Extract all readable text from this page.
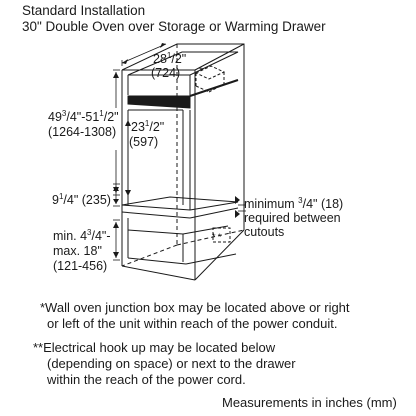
Standard Installation
30" Double Oven over Storage or Warming Drawer
*
* *
$28^1/2$"
(724)
$49^3/4"-51^1/2$"
(1264-1308) $23^1/2$"
(597)
$9^1/4$" (235)
min. $4^3/4"-$
max. 18"
(121-456)
minimum $^3$/4" (18)
required between
cutouts
*Wall oven junction box may be located above or right
or left of the unit within reach of the power conduit.
**Electrical hook up may be located below
(depending on space) or next to the drawer
within the reach of the power cord.
Measurements in inches (mm)
